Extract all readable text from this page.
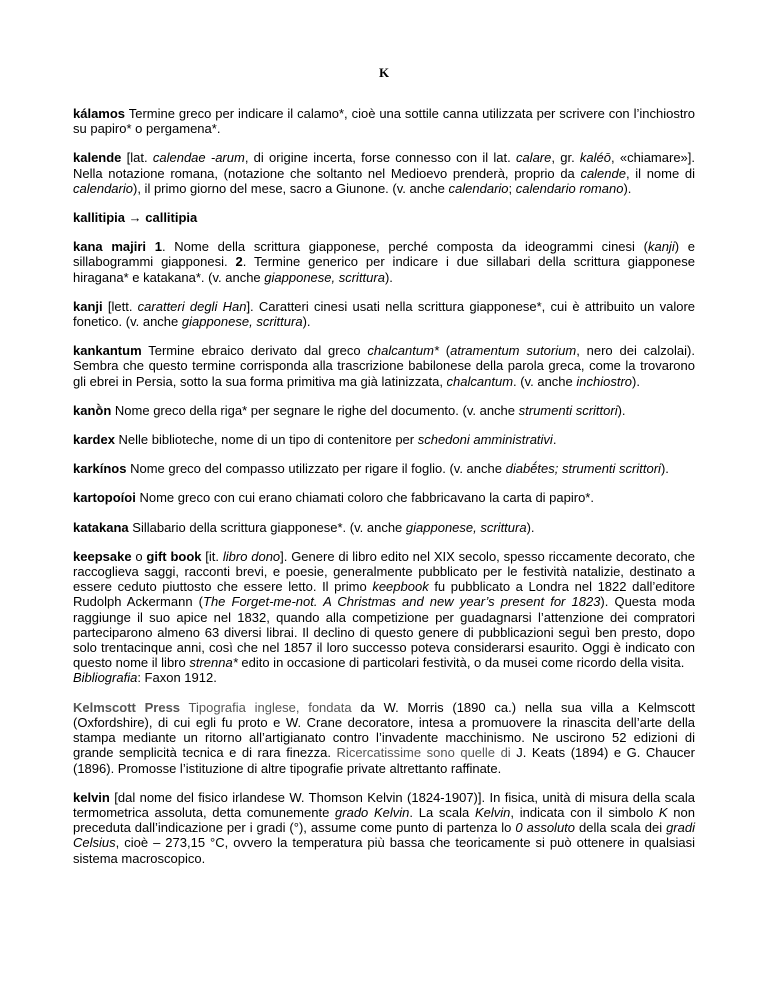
K

kálamos Termine greco per indicare il calamo*, cioè una sottile canna utilizzata per scrivere con l’inchiostro su papiro* o pergamena*.

kalende [lat. calendae -arum, di origine incerta, forse connesso con il lat. calare, gr. kaléō, «chiamare»]. Nella notazione romana, (notazione che soltanto nel Medioevo prenderà, proprio da calende, il nome di calendario), il primo giorno del mese, sacro a Giunone. (v. anche calendario; calendario romano).

kallitipia → callitipia

kana majiri 1. Nome della scrittura giapponese, perché composta da ideogrammi cinesi (kanji) e sillabogrammi giapponesi. 2. Termine generico per indicare i due sillabari della scrittura giapponese hiragana* e katakana*. (v. anche giapponese, scrittura).

kanji [lett. caratteri degli Han]. Caratteri cinesi usati nella scrittura giapponese*, cui è attribuito un valore fonetico. (v. anche giapponese, scrittura).

kankantum Termine ebraico derivato dal greco chalcantum* (atramentum sutorium, nero dei calzolai). Sembra che questo termine corrisponda alla trascrizione babilonese della parola greca, come la trovarono gli ebrei in Persia, sotto la sua forma primitiva ma già latinizzata, chalcantum. (v. anche inchiostro).

kanṑn Nome greco della riga* per segnare le righe del documento. (v. anche strumenti scrittori).

kardex Nelle biblioteche, nome di un tipo di contenitore per schedoni amministrativi.

karkínos Nome greco del compasso utilizzato per rigare il foglio. (v. anche diabḗtes; strumenti scrittori).

kartopoíoi Nome greco con cui erano chiamati coloro che fabbricavano la carta di papiro*.

katakana Sillabario della scrittura giapponese*. (v. anche giapponese, scrittura).

keepsake o gift book [it. libro dono]. Genere di libro edito nel XIX secolo, spesso riccamente decorato, che raccoglieva saggi, racconti brevi, e poesie, generalmente pubblicato per le festività natalizie, destinato a essere ceduto piuttosto che essere letto. Il primo keepbook fu pubblicato a Londra nel 1822 dall’editore Rudolph Ackermann (The Forget-me-not. A Christmas and new year’s present for 1823). Questa moda raggiunge il suo apice nel 1832, quando alla competizione per guadagnarsi l’attenzione dei compratori parteciparono almeno 63 diversi librai. Il declino di questo genere di pubblicazioni seguì ben presto, dopo solo trentacinque anni, così che nel 1857 il loro successo poteva considerarsi esaurito. Oggi è indicato con questo nome il libro strenna* edito in occasione di particolari festività, o da musei come ricordo della visita.
Bibliografia: Faxon 1912.

Kelmscott Press Tipografia inglese, fondata da W. Morris (1890 ca.) nella sua villa a Kelmscott (Oxfordshire), di cui egli fu proto e W. Crane decoratore, intesa a promuovere la rinascita dell’arte della stampa mediante un ritorno all’artigianato contro l’invadente macchinismo. Ne uscirono 52 edizioni di grande semplicità tecnica e di rara finezza. Ricercatissime sono quelle di J. Keats (1894) e G. Chaucer (1896). Promosse l’istituzione di altre tipografie private altrettanto raffinate.

kelvin [dal nome del fisico irlandese W. Thomson Kelvin (1824-1907)]. In fisica, unità di misura della scala termometrica assoluta, detta comunemente grado Kelvin. La scala Kelvin, indicata con il simbolo K non preceduta dall’indicazione per i gradi (°), assume come punto di partenza lo 0 assoluto della scala dei gradi Celsius, cioè – 273,15 °C, ovvero la temperatura più bassa che teoricamente si può ottenere in qualsiasi sistema macroscopico.
